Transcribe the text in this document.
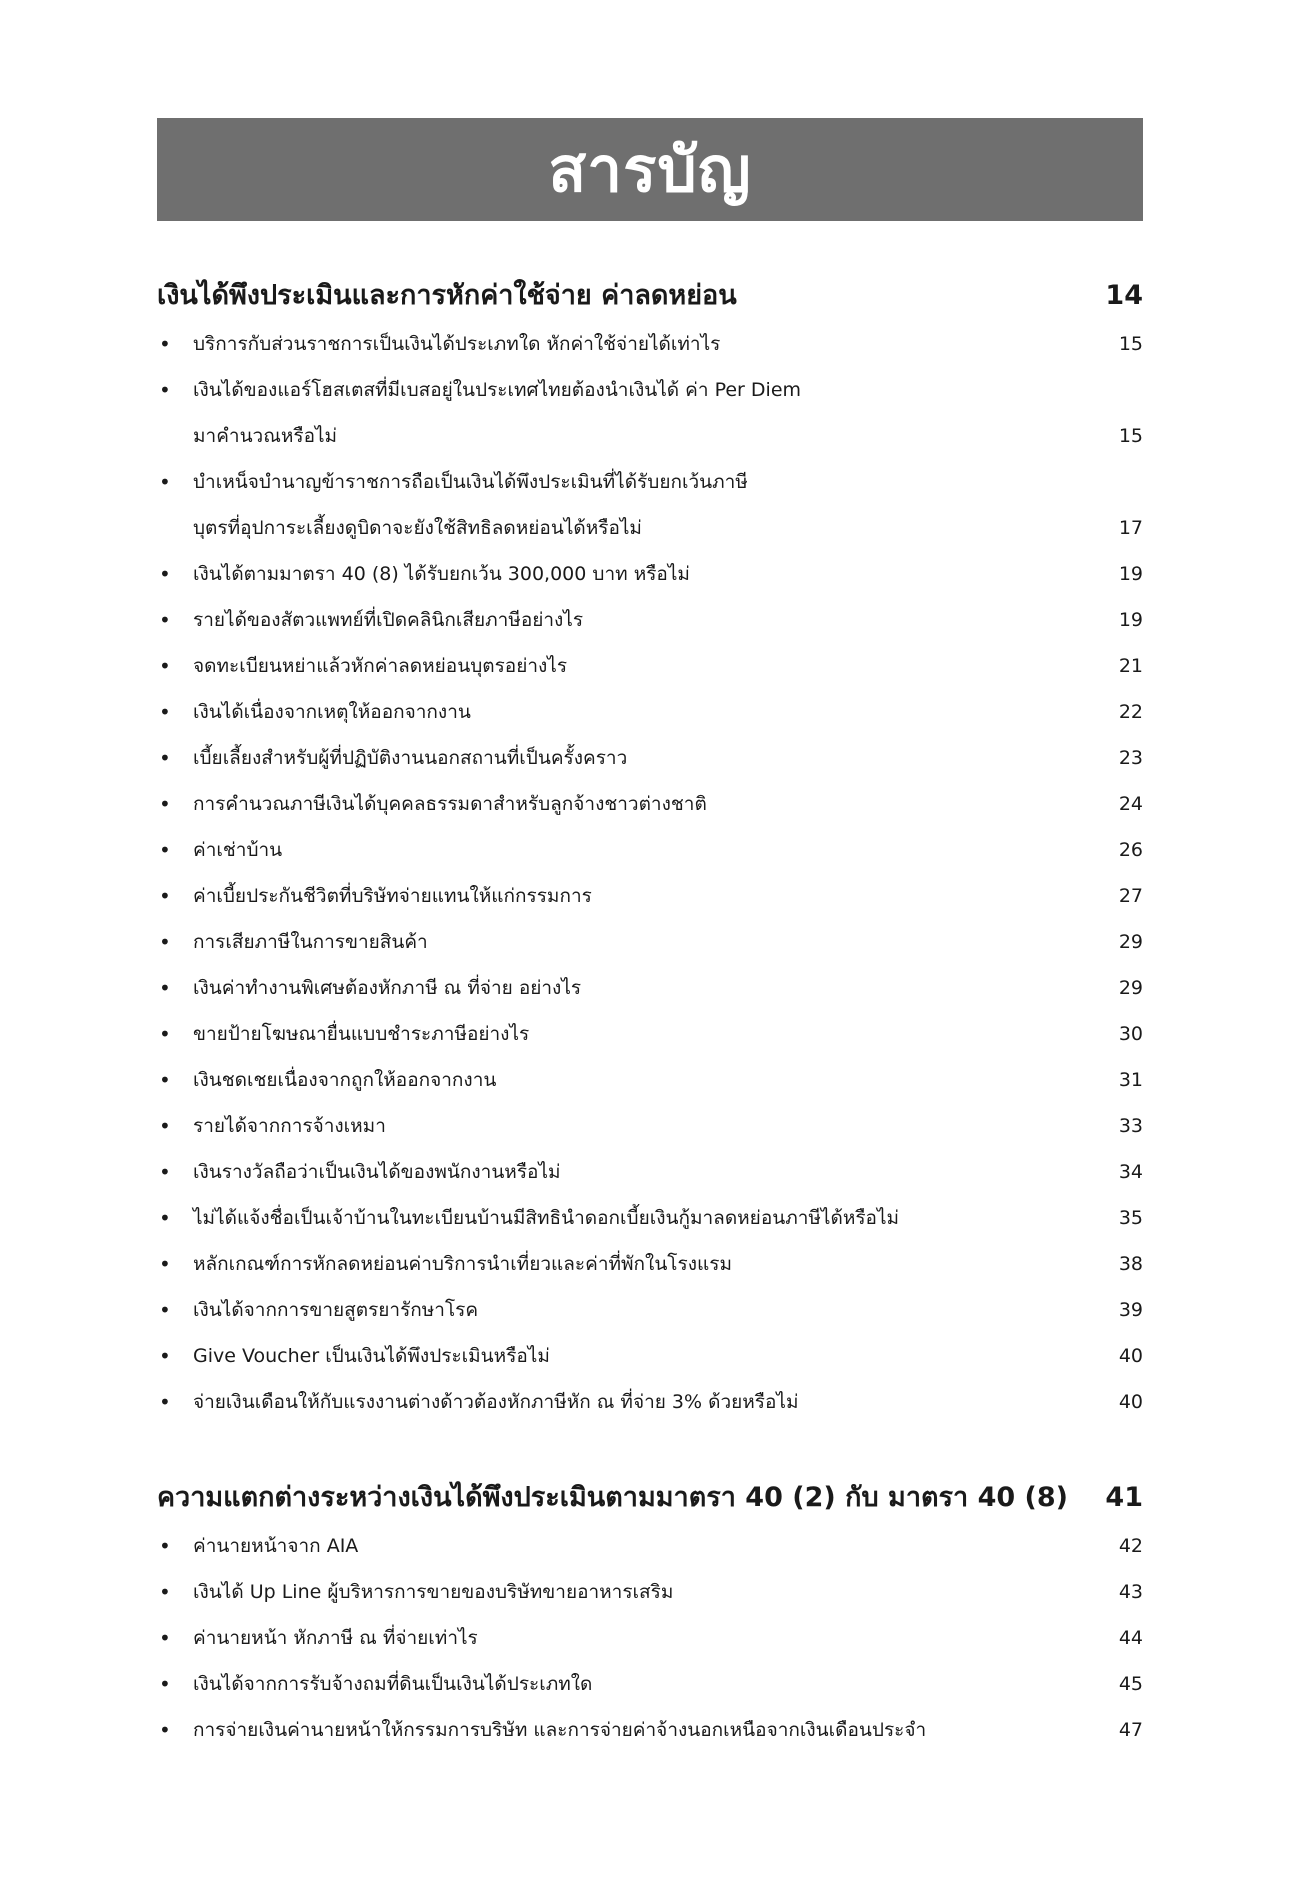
สารบัญ
เงินได้พึงประเมินและการหักค่าใช้จ่าย ค่าลดหย่อน	14
•	บริการกับส่วนราชการเป็นเงินได้ประเภทใด หักค่าใช้จ่ายได้เท่าไร	15
•	เงินได้ของแอร์โฮสเตสที่มีเบสอยู่ในประเทศไทยต้องนำเงินได้ ค่า Per Diem
มาคำนวณหรือไม่	15
•	บำเหน็จบำนาญข้าราชการถือเป็นเงินได้พึงประเมินที่ได้รับยกเว้นภาษี
บุตรที่อุปการะเลี้ยงดูบิดาจะยังใช้สิทธิลดหย่อนได้หรือไม่	17
•	เงินได้ตามมาตรา 40 (8) ได้รับยกเว้น 300,000 บาท หรือไม่	19
•	รายได้ของสัตวแพทย์ที่เปิดคลินิกเสียภาษีอย่างไร	19
•	จดทะเบียนหย่าแล้วหักค่าลดหย่อนบุตรอย่างไร	21
•	เงินได้เนื่องจากเหตุให้ออกจากงาน	22
•	เบี้ยเลี้ยงสำหรับผู้ที่ปฏิบัติงานนอกสถานที่เป็นครั้งคราว	23
•	การคำนวณภาษีเงินได้บุคคลธรรมดาสำหรับลูกจ้างชาวต่างชาติ	24
•	ค่าเช่าบ้าน	26
•	ค่าเบี้ยประกันชีวิตที่บริษัทจ่ายแทนให้แก่กรรมการ	27
•	การเสียภาษีในการขายสินค้า	29
•	เงินค่าทำงานพิเศษต้องหักภาษี ณ ที่จ่าย อย่างไร	29
•	ขายป้ายโฆษณายื่นแบบชำระภาษีอย่างไร	30
•	เงินชดเชยเนื่องจากถูกให้ออกจากงาน	31
•	รายได้จากการจ้างเหมา	33
•	เงินรางวัลถือว่าเป็นเงินได้ของพนักงานหรือไม่	34
•	ไม่ได้แจ้งชื่อเป็นเจ้าบ้านในทะเบียนบ้านมีสิทธินำดอกเบี้ยเงินกู้มาลดหย่อนภาษีได้หรือไม่	35
•	หลักเกณฑ์การหักลดหย่อนค่าบริการนำเที่ยวและค่าที่พักในโรงแรม	38
•	เงินได้จากการขายสูตรยารักษาโรค	39
•	Give Voucher เป็นเงินได้พึงประเมินหรือไม่	40
•	จ่ายเงินเดือนให้กับแรงงานต่างด้าวต้องหักภาษีหัก ณ ที่จ่าย 3% ด้วยหรือไม่	40
ความแตกต่างระหว่างเงินได้พึงประเมินตามมาตรา 40 (2) กับ มาตรา 40 (8)	41
•	ค่านายหน้าจาก AIA	42
•	เงินได้ Up Line ผู้บริหารการขายของบริษัทขายอาหารเสริม	43
•	ค่านายหน้า หักภาษี ณ ที่จ่ายเท่าไร	44
•	เงินได้จากการรับจ้างถมที่ดินเป็นเงินได้ประเภทใด	45
•	การจ่ายเงินค่านายหน้าให้กรรมการบริษัท และการจ่ายค่าจ้างนอกเหนือจากเงินเดือนประจำ	47
